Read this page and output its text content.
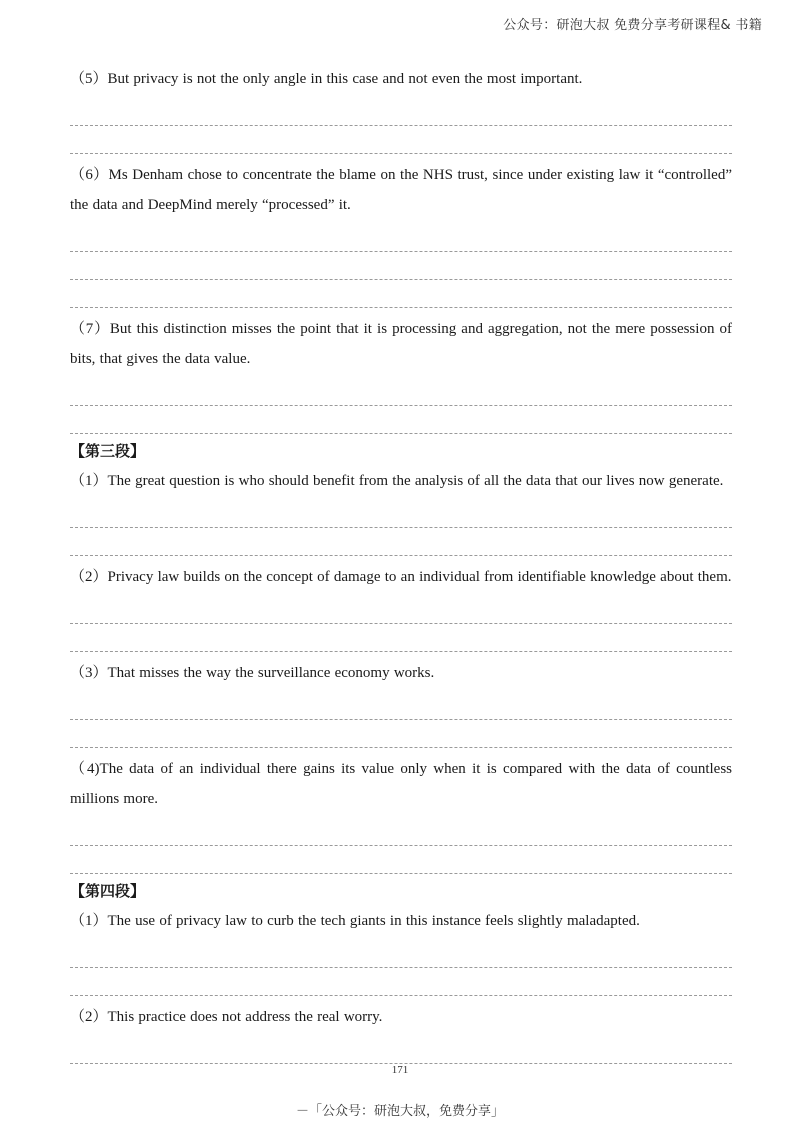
公众号：研泡大叔 免费分享考研课程& 书籍

（5）But privacy is not the only angle in this case and not even the most important.

（6）Ms Denham chose to concentrate the blame on the NHS trust, since under existing law it “controlled” the data and DeepMind merely “processed” it.

（7）But this distinction misses the point that it is processing and aggregation, not the mere possession of bits, that gives the data value.

【第三段】

（1）The great question is who should benefit from the analysis of all the data that our lives now generate.

（2）Privacy law builds on the concept of damage to an individual from identifiable knowledge about them.

（3）That misses the way the surveillance economy works.

（4)The data of an individual there gains its value only when it is compared with the data of countless millions more.

【第四段】

（1）The use of privacy law to curb the tech giants in this instance feels slightly maladapted.

（2）This practice does not address the real worry.

171
－「公众号：研泡大叔，免费分享」
